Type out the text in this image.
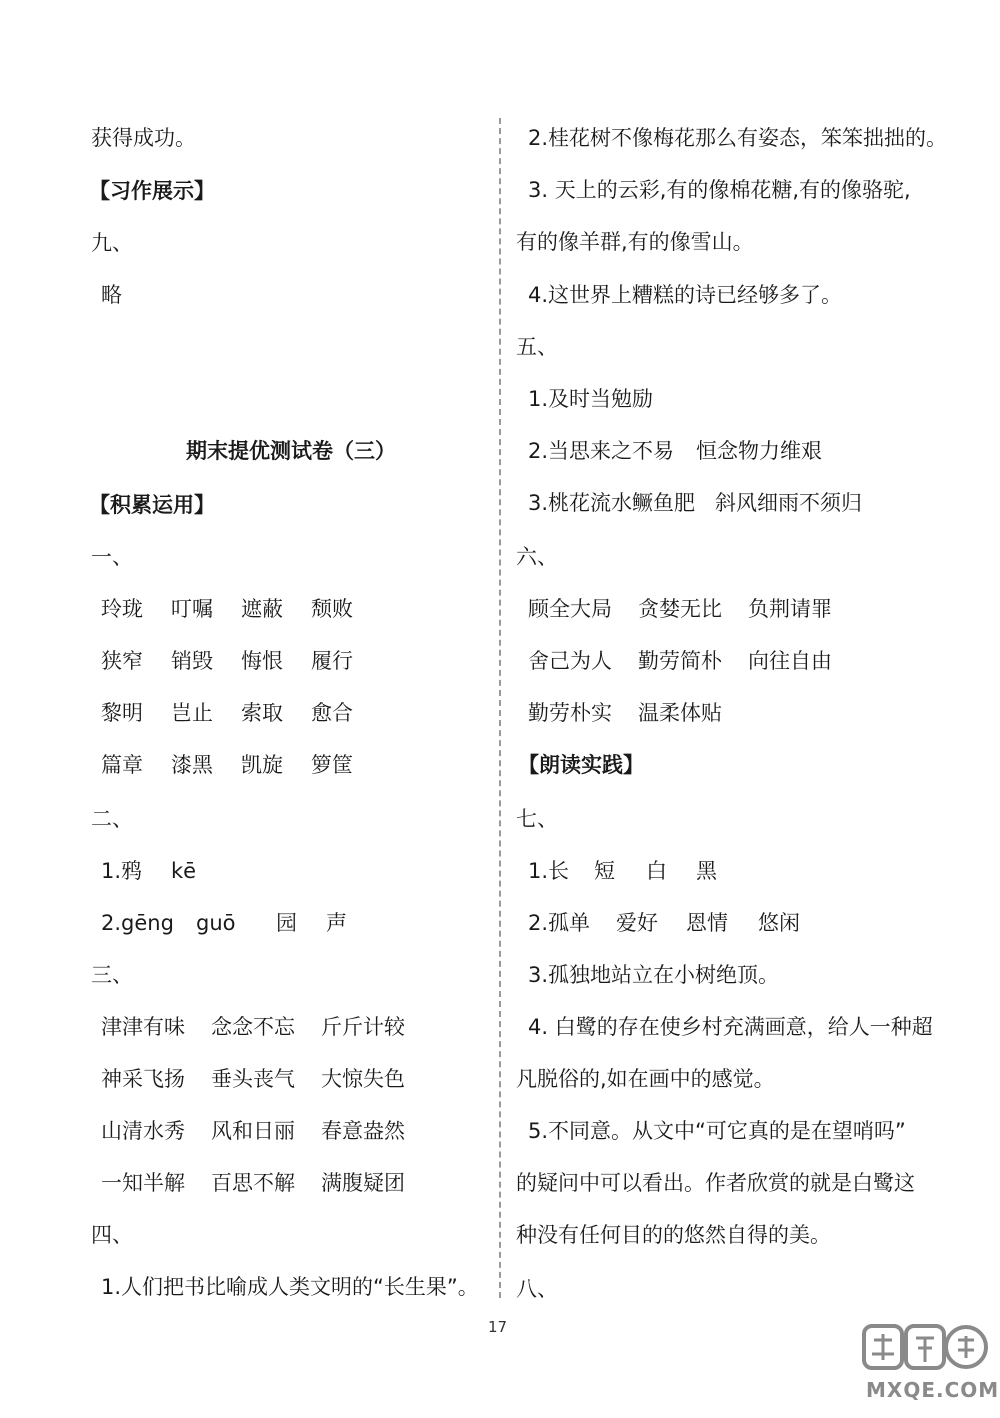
获得成功。
【习作展示】
九、
略
期末提优测试卷（三）
【积累运用】
一、
玲珑 叮嘱 遮蔽 颓败
狭窄 销毁 悔恨 履行
黎明 岂止 索取 愈合
篇章 漆黑 凯旋 箩筐
二、
1.鸦 kē
2.gēng guō 园 声
三、
津津有味 念念不忘 斤斤计较
神采飞扬 垂头丧气 大惊失色
山清水秀 风和日丽 春意盎然
一知半解 百思不解 满腹疑团
四、
1.人们把书比喻成人类文明的“长生果”。
2.桂花树不像梅花那么有姿态，笨笨拙拙的。
3. 天上的云彩,有的像棉花糖,有的像骆驼,
有的像羊群,有的像雪山。
4.这世界上糟糕的诗已经够多了。
五、
1.及时当勉励
2.当思来之不易 恒念物力维艰
3.桃花流水鳜鱼肥 斜风细雨不须归
六、
顾全大局 贪婪无比 负荆请罪
舍己为人 勤劳简朴 向往自由
勤劳朴实 温柔体贴
【朗读实践】
七、
1.长 短 白 黑
2.孤单 爱好 恩情 悠闲
3.孤独地站立在小树绝顶。
4. 白鹭的存在使乡村充满画意，给人一种超
凡脱俗的,如在画中的感觉。
5.不同意。从文中“可它真的是在望哨吗”
的疑问中可以看出。作者欣赏的就是白鹭这
种没有任何目的的悠然自得的美。
八、
17
MXQE.COM
